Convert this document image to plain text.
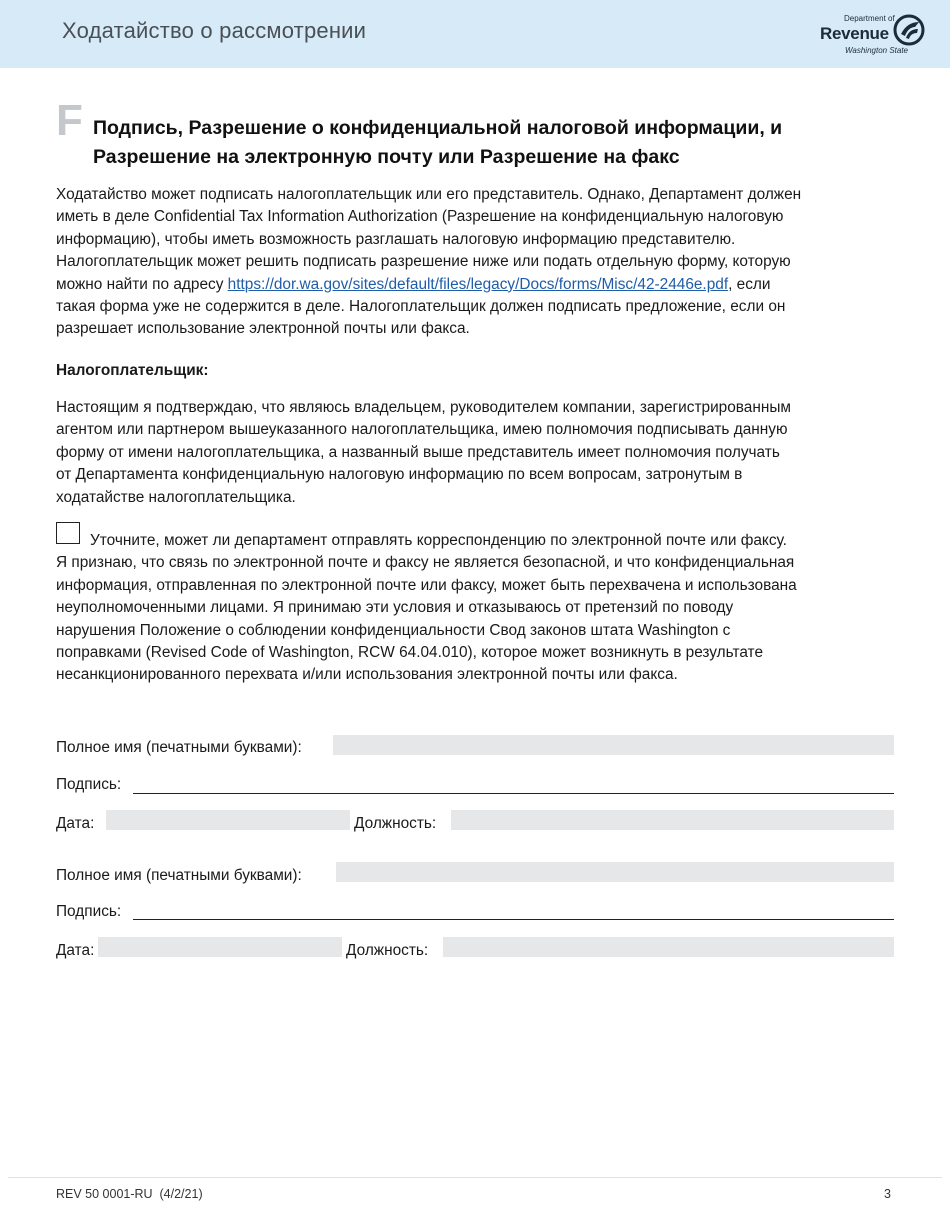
Ходатайство о рассмотрении	Department of
Revenue
Washington State
F Подпись, Разрешение о конфиденциальной налоговой информации, и
Разрешение на электронную почту или Разрешение на факс
Ходатайство может подписать налогоплательщик или его представитель. Однако, Департамент должен
иметь в деле Confidential Tax Information Authorization (Разрешение на конфиденциальную налоговую
информацию), чтобы иметь возможность разглашать налоговую информацию представителю.
Налогоплательщик может решить подписать разрешение ниже или подать отдельную форму, которую
можно найти по адресу https://dor.wa.gov/sites/default/files/legacy/Docs/forms/Misc/42-2446e.pdf, если
такая форма уже не содержится в деле. Налогоплательщик должен подписать предложение, если он
разрешает использование электронной почты или факса.
Налогоплательщик:
Настоящим я подтверждаю, что являюсь владельцем, руководителем компании, зарегистрированным
агентом или партнером вышеуказанного налогоплательщика, имею полномочия подписывать данную
форму от имени налогоплательщика, а названный выше представитель имеет полномочия получать
от Департамента конфиденциальную налоговую информацию по всем вопросам, затронутым в
ходатайстве налогоплательщика.
Уточните, может ли департамент отправлять корреспонденцию по электронной почте или факсу.
Я признаю, что связь по электронной почте и факсу не является безопасной, и что конфиденциальная
информация, отправленная по электронной почте или факсу, может быть перехвачена и использована
неуполномоченными лицами. Я принимаю эти условия и отказываюсь от претензий по поводу
нарушения Положение о соблюдении конфиденциальности Свод законов штата Washington с
поправками (Revised Code of Washington, RCW 64.04.010), которое может возникнуть в результате
несанкционированного перехвата и/или использования электронной почты или факса.
Полное имя (печатными буквами):
Подпись:
Дата:	Должность:
Полное имя (печатными буквами):
Подпись:
Дата:	Должность:
REV 50 0001-RU  (4/2/21)	3
